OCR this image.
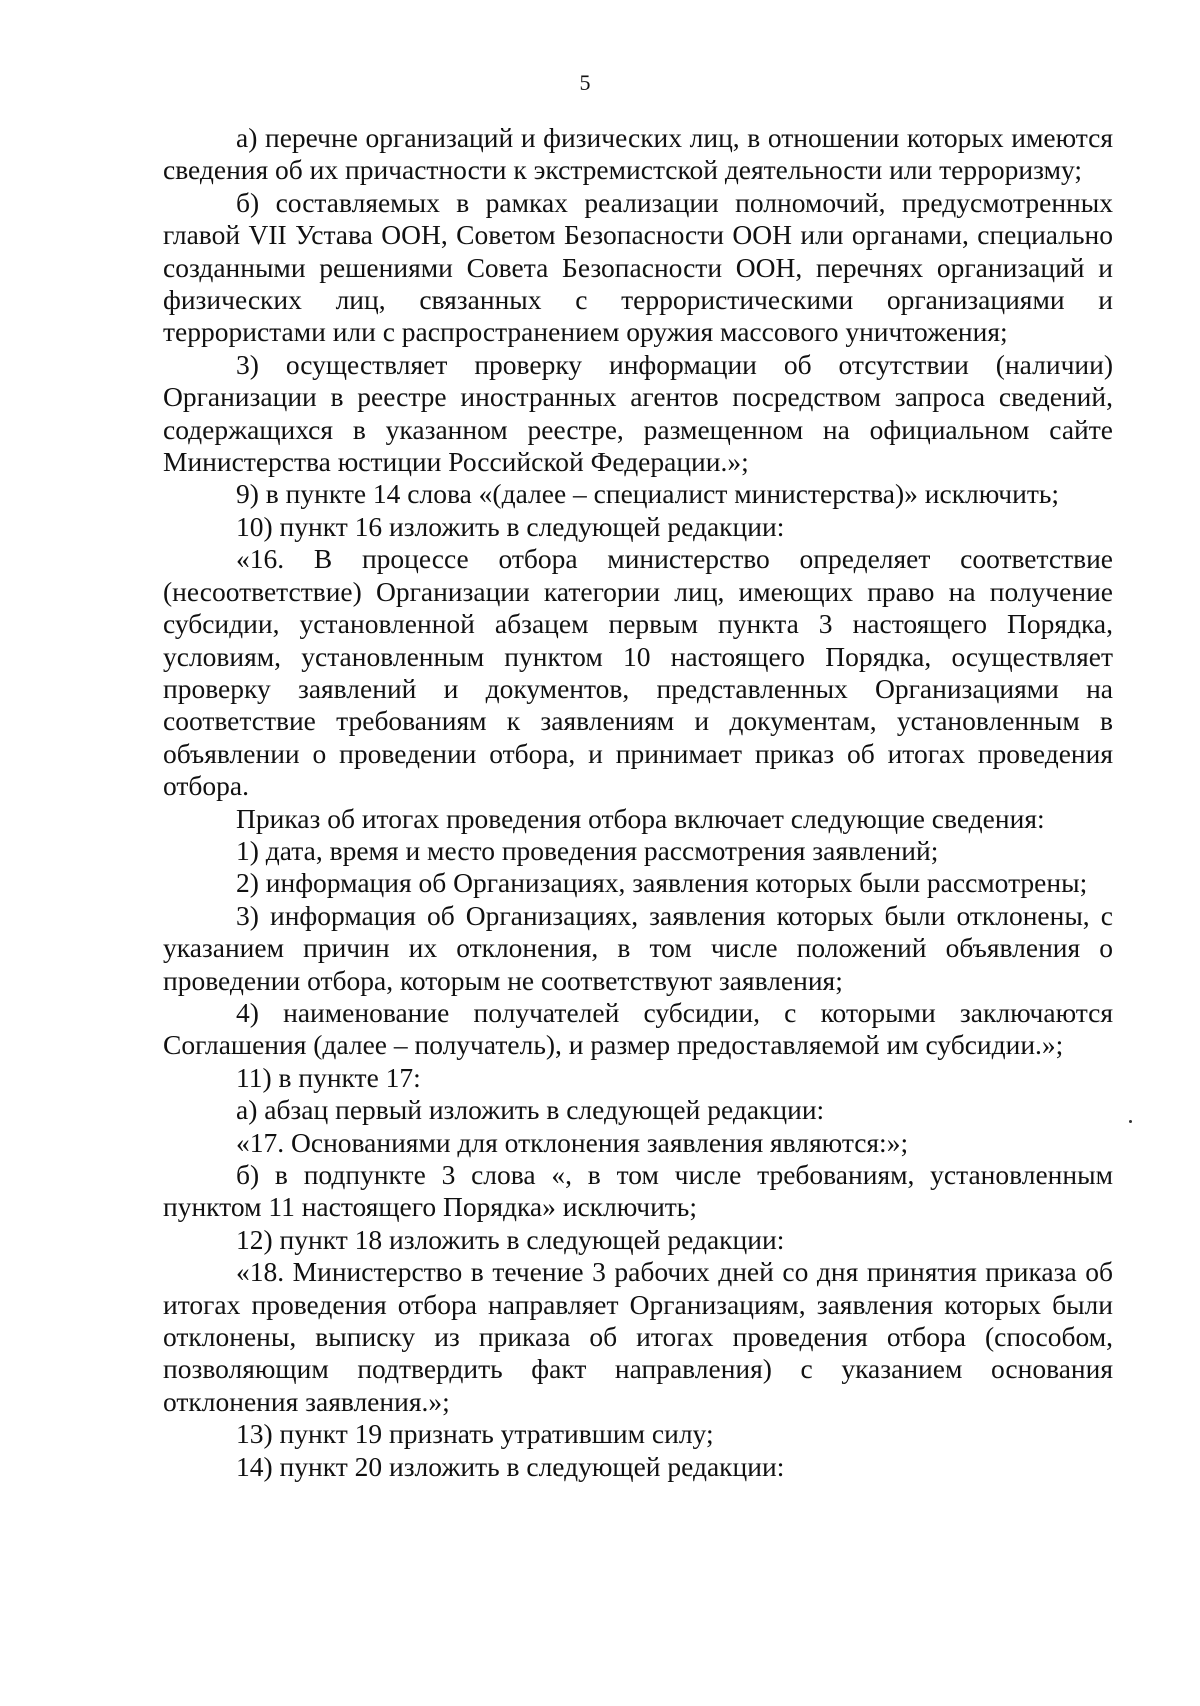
5

а) перечне организаций и физических лиц, в отношении которых имеются сведения об их причастности к экстремистской деятельности или терроризму;

б) составляемых в рамках реализации полномочий, предусмотренных главой VII Устава ООН, Советом Безопасности ООН или органами, специально созданными решениями Совета Безопасности ООН, перечнях организаций и физических лиц, связанных с террористическими организациями и террористами или с распространением оружия массового уничтожения;

3) осуществляет проверку информации об отсутствии (наличии) Организации в реестре иностранных агентов посредством запроса сведений, содержащихся в указанном реестре, размещенном на официальном сайте Министерства юстиции Российской Федерации.»;

9) в пункте 14 слова «(далее – специалист министерства)» исключить;

10) пункт 16 изложить в следующей редакции:

«16. В процессе отбора министерство определяет соответствие (несоответствие) Организации категории лиц, имеющих право на получение субсидии, установленной абзацем первым пункта 3 настоящего Порядка, условиям, установленным пунктом 10 настоящего Порядка, осуществляет проверку заявлений и документов, представленных Организациями на соответствие требованиям к заявлениям и документам, установленным в объявлении о проведении отбора, и принимает приказ об итогах проведения отбора.

Приказ об итогах проведения отбора включает следующие сведения:

1) дата, время и место проведения рассмотрения заявлений;

2) информация об Организациях, заявления которых были рассмотрены;

3) информация об Организациях, заявления которых были отклонены, с указанием причин их отклонения, в том числе положений объявления о проведении отбора, которым не соответствуют заявления;

4) наименование получателей субсидии, с которыми заключаются Соглашения (далее – получатель), и размер предоставляемой им субсидии.»;

11) в пункте 17:

а) абзац первый изложить в следующей редакции:

«17. Основаниями для отклонения заявления являются:»;

б) в подпункте 3 слова «, в том числе требованиям, установленным пунктом 11 настоящего Порядка» исключить;

12) пункт 18 изложить в следующей редакции:

«18. Министерство в течение 3 рабочих дней со дня принятия приказа об итогах проведения отбора направляет Организациям, заявления которых были отклонены, выписку из приказа об итогах проведения отбора (способом, позволяющим подтвердить факт направления) с указанием основания отклонения заявления.»;

13) пункт 19 признать утратившим силу;

14) пункт 20 изложить в следующей редакции:
